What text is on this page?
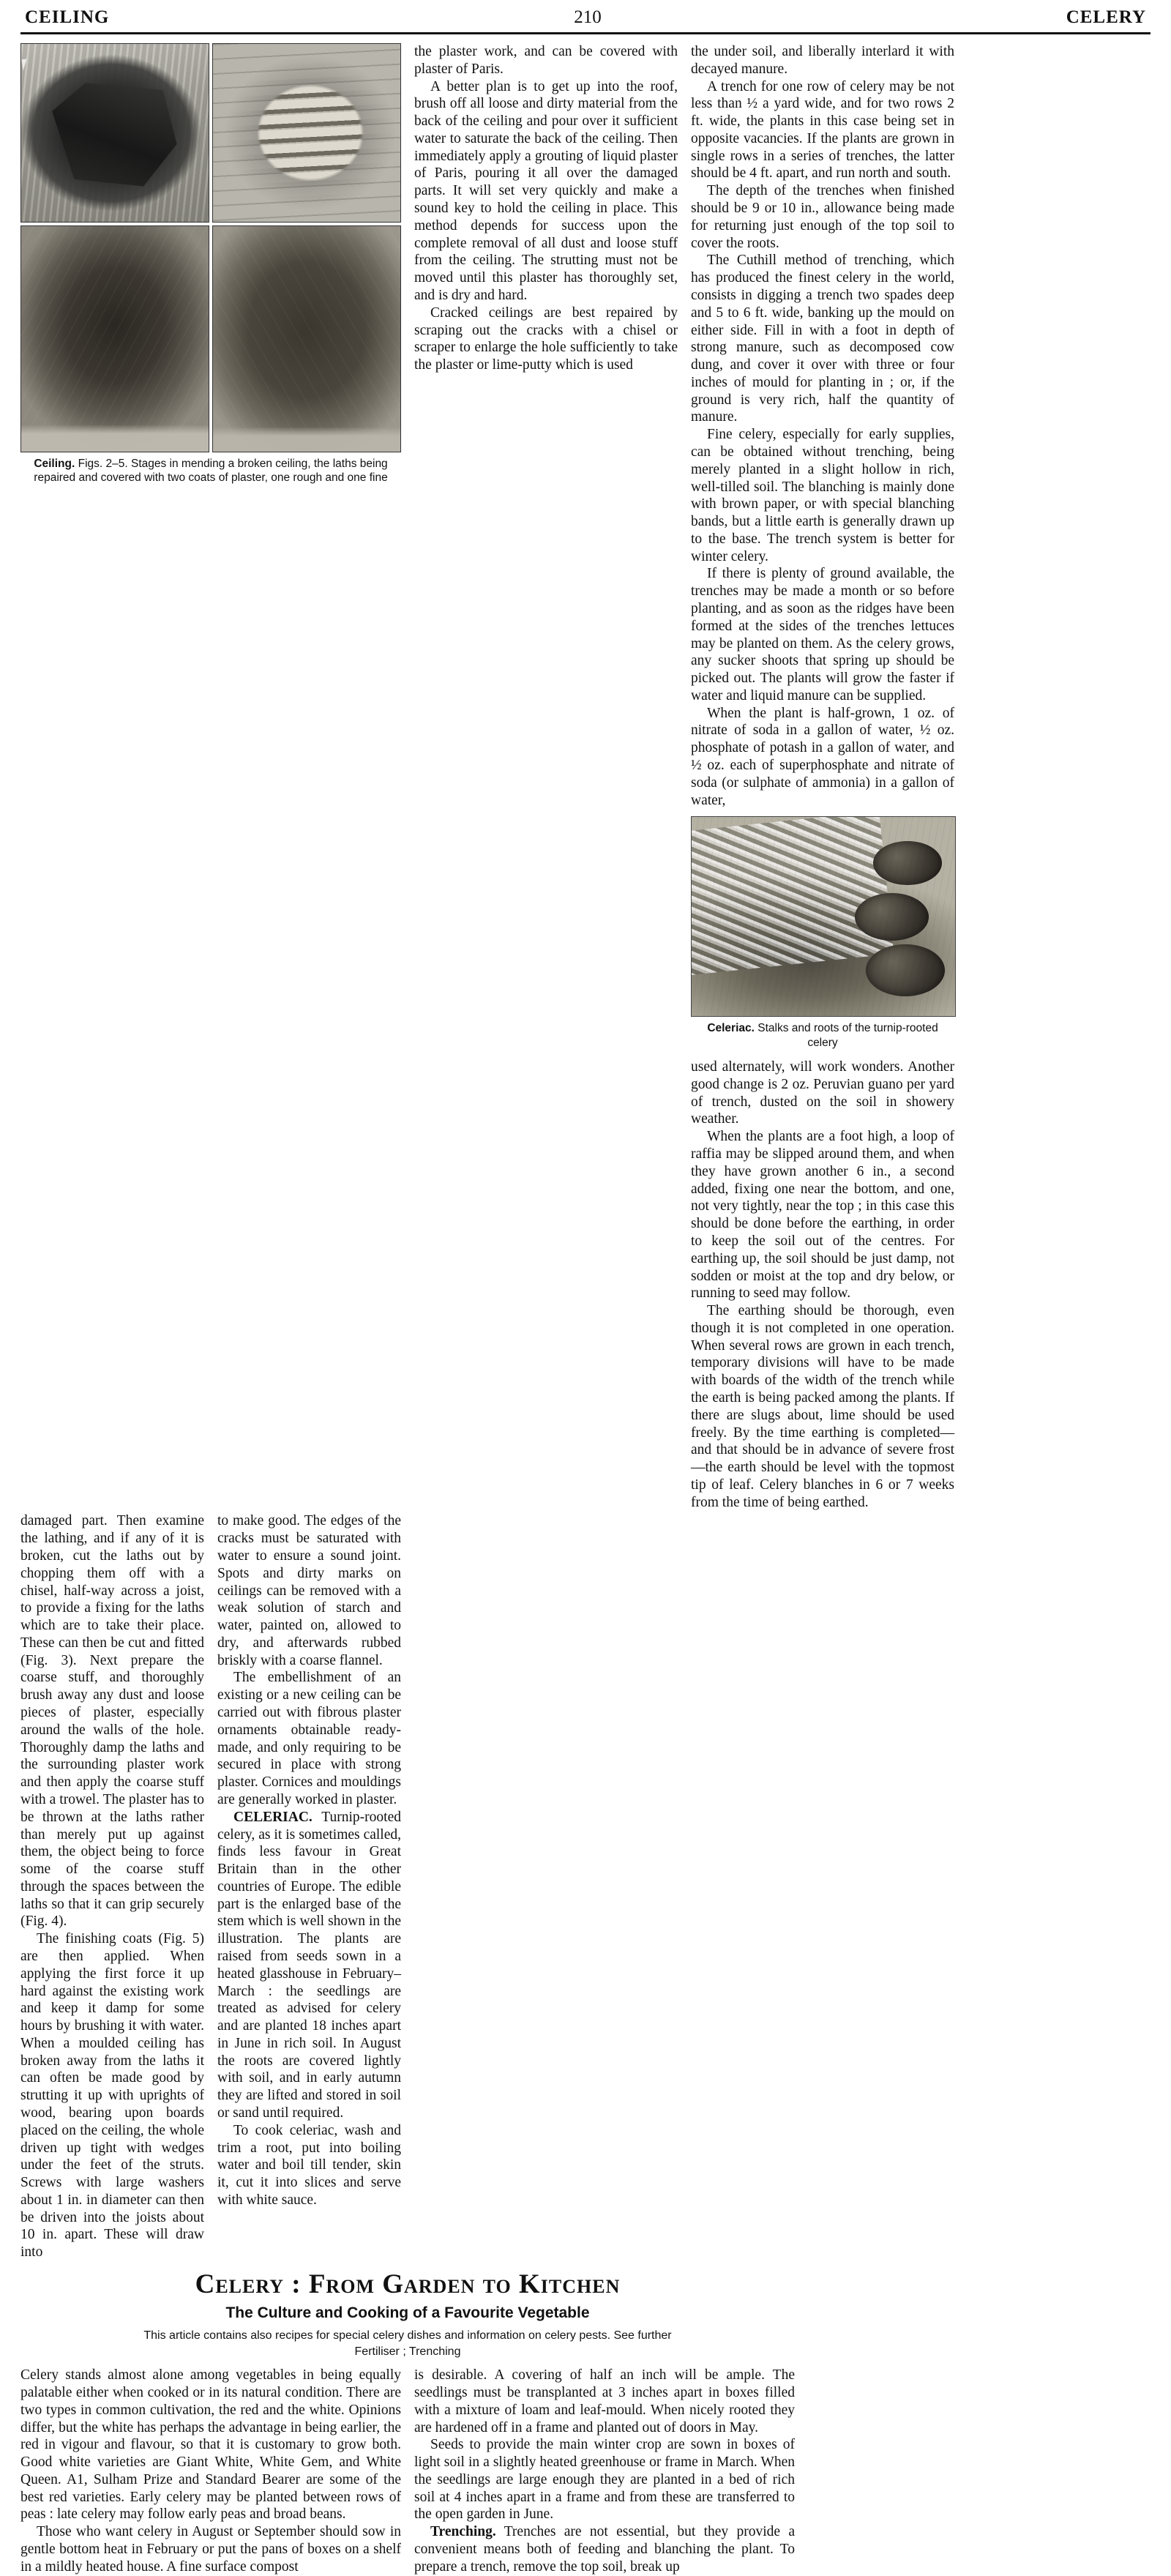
CEILING	210	CELERY
Ceiling. Figs. 2–5. Stages in mending a broken ceiling, the laths being repaired and covered with two coats of plaster, one rough and one fine

the plaster work, and can be covered with plaster of Paris.

A better plan is to get up into the roof, brush off all loose and dirty material from the back of the ceiling and pour over it sufficient water to saturate the back of the ceiling. Then immediately apply a grouting of liquid plaster of Paris, pouring it all over the damaged parts. It will set very quickly and make a sound key to hold the ceiling in place. This method depends for success upon the complete removal of all dust and loose stuff from the ceiling. The strutting must not be moved until this plaster has thoroughly set, and is dry and hard.

Cracked ceilings are best repaired by scraping out the cracks with a chisel or scraper to enlarge the hole sufficiently to take the plaster or lime-putty which is used

the under soil, and liberally interlard it with decayed manure.

A trench for one row of celery may be not less than ½ a yard wide, and for two rows 2 ft. wide, the plants in this case being set in opposite vacancies. If the plants are grown in single rows in a series of trenches, the latter should be 4 ft. apart, and run north and south.

The depth of the trenches when finished should be 9 or 10 in., allowance being made for returning just enough of the top soil to cover the roots.

The Cuthill method of trenching, which has produced the finest celery in the world, consists in digging a trench two spades deep and 5 to 6 ft. wide, banking up the mould on either side. Fill in with a foot in depth of strong manure, such as decomposed cow dung, and cover it over with three or four inches of mould for planting in ; or, if the ground is very rich, half the quantity of manure.

Fine celery, especially for early supplies, can be obtained without trenching, being merely planted in a slight hollow in rich, well-tilled soil. The blanching is mainly done with brown paper, or with special blanching bands, but a little earth is generally drawn up to the base. The trench system is better for winter celery.

If there is plenty of ground available, the trenches may be made a month or so before planting, and as soon as the ridges have been formed at the sides of the trenches lettuces may be planted on them. As the celery grows, any sucker shoots that spring up should be picked out. The plants will grow the faster if water and liquid manure can be supplied.

When the plant is half-grown, 1 oz. of nitrate of soda in a gallon of water, ½ oz. phosphate of potash in a gallon of water, and ½ oz. each of superphosphate and nitrate of soda (or sulphate of ammonia) in a gallon of water,

Celeriac. Stalks and roots of the turnip-rooted celery

used alternately, will work wonders. Another good change is 2 oz. Peruvian guano per yard of trench, dusted on the soil in showery weather.

When the plants are a foot high, a loop of raffia may be slipped around them, and when they have grown another 6 in., a second added, fixing one near the bottom, and one, not very tightly, near the top ; in this case this should be done before the earthing, in order to keep the soil out of the centres. For earthing up, the soil should be just damp, not sodden or moist at the top and dry below, or running to seed may follow.

The earthing should be thorough, even though it is not completed in one operation. When several rows are grown in each trench, temporary divisions will have to be made with boards of the width of the trench while the earth is being packed among the plants. If there are slugs about, lime should be used freely. By the time earthing is completed—and that should be in advance of severe frost—the earth should be level with the topmost tip of leaf. Celery blanches in 6 or 7 weeks from the time of being earthed.

damaged part. Then examine the lathing, and if any of it is broken, cut the laths out by chopping them off with a chisel, half-way across a joist, to provide a fixing for the laths which are to take their place. These can then be cut and fitted (Fig. 3). Next prepare the coarse stuff, and thoroughly brush away any dust and loose pieces of plaster, especially around the walls of the hole. Thoroughly damp the laths and the surrounding plaster work and then apply the coarse stuff with a trowel. The plaster has to be thrown at the laths rather than merely put up against them, the object being to force some of the coarse stuff through the spaces between the laths so that it can grip securely (Fig. 4).

The finishing coats (Fig. 5) are then applied. When applying the first force it up hard against the existing work and keep it damp for some hours by brushing it with water. When a moulded ceiling has broken away from the laths it can often be made good by strutting it up with uprights of wood, bearing upon boards placed on the ceiling, the whole driven up tight with wedges under the feet of the struts. Screws with large washers about 1 in. in diameter can then be driven into the joists about 10 in. apart. These will draw into

to make good. The edges of the cracks must be saturated with water to ensure a sound joint. Spots and dirty marks on ceilings can be removed with a weak solution of starch and water, painted on, allowed to dry, and afterwards rubbed briskly with a coarse flannel.

The embellishment of an existing or a new ceiling can be carried out with fibrous plaster ornaments obtainable ready-made, and only requiring to be secured in place with strong plaster. Cornices and mouldings are generally worked in plaster.

CELERIAC. Turnip-rooted celery, as it is sometimes called, finds less favour in Great Britain than in the other countries of Europe. The edible part is the enlarged base of the stem which is well shown in the illustration. The plants are raised from seeds sown in a heated glasshouse in February–March : the seedlings are treated as advised for celery and are planted 18 inches apart in June in rich soil. In August the roots are covered lightly with soil, and in early autumn they are lifted and stored in soil or sand until required.

To cook celeriac, wash and trim a root, put into boiling water and boil till tender, skin it, cut it into slices and serve with white sauce.

Celery : From Garden to Kitchen
The Culture and Cooking of a Favourite Vegetable
This article contains also recipes for special celery dishes and information on celery pests. See further
Fertiliser ; Trenching

Celery stands almost alone among vegetables in being equally palatable either when cooked or in its natural condition. There are two types in common cultivation, the red and the white. Opinions differ, but the white has perhaps the advantage in being earlier, the red in vigour and flavour, so that it is customary to grow both. Good white varieties are Giant White, White Gem, and White Queen. A1, Sulham Prize and Standard Bearer are some of the best red varieties. Early celery may be planted between rows of peas : late celery may follow early peas and broad beans.

Those who want celery in August or September should sow in gentle bottom heat in February or put the pans of boxes on a shelf in a mildly heated house. A fine surface compost

is desirable. A covering of half an inch will be ample. The seedlings must be transplanted at 3 inches apart in boxes filled with a mixture of loam and leaf-mould. When nicely rooted they are hardened off in a frame and planted out of doors in May.

Seeds to provide the main winter crop are sown in boxes of light soil in a slightly heated greenhouse or frame in March. When the seedlings are large enough they are planted in a bed of rich soil at 4 inches apart in a frame and from these are transferred to the open garden in June.

Trenching. Trenches are not essential, but they provide a convenient means both of feeding and blanching the plant. To prepare a trench, remove the top soil, break up
